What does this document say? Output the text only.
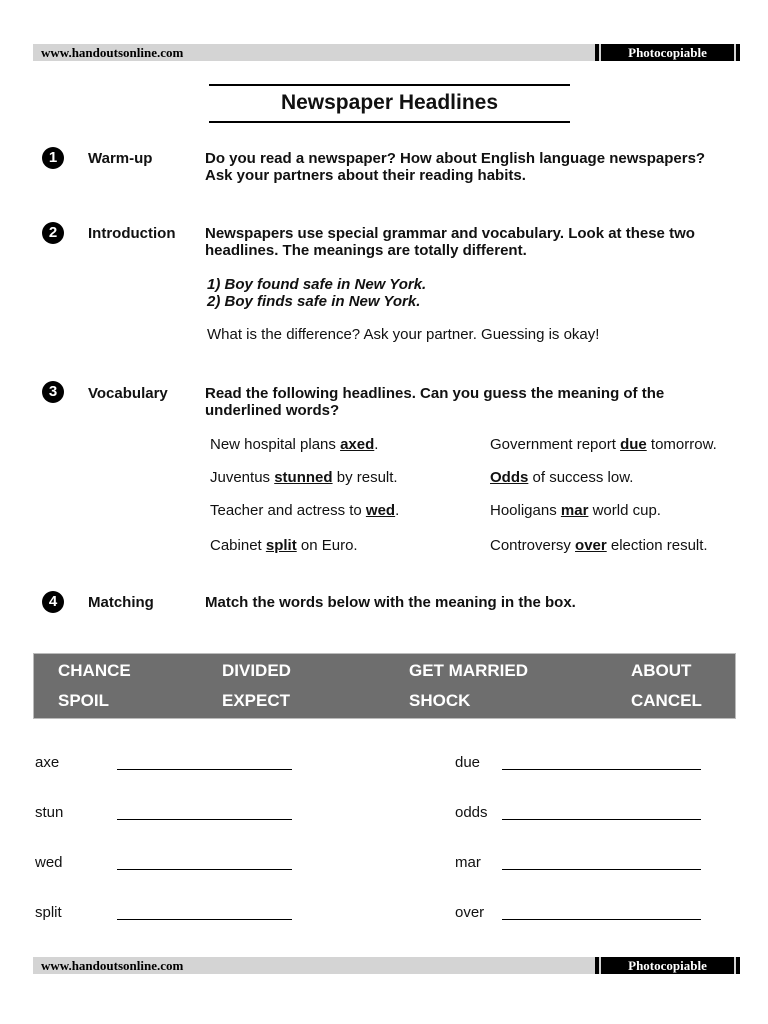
www.handoutsonline.com	Photocopiable
Newspaper Headlines
1	Warm-up	Do you read a newspaper? How about English language newspapers? Ask your partners about their reading habits.
2	Introduction Newspapers use special grammar and vocabulary. Look at these two headlines. The meanings are totally different.
1) Boy found safe in New York.
2) Boy finds safe in New York.
What is the difference? Ask your partner. Guessing is okay!
3	Vocabulary Read the following headlines. Can you guess the meaning of the underlined words?
New hospital plans axed.	Government report due tomorrow.
Juventus stunned by result.	Odds of success low.
Teacher and actress to wed.	Hooligans mar world cup.
Cabinet split on Euro.	Controversy over election result.
4	Matching	Match the words below with the meaning in the box.
CHANCE	DIVIDED	GET MARRIED	ABOUT
SPOIL	EXPECT	SHOCK	CANCEL
axe	due
stun	odds
wed	mar
split	over
www.handoutsonline.com	Photocopiable
